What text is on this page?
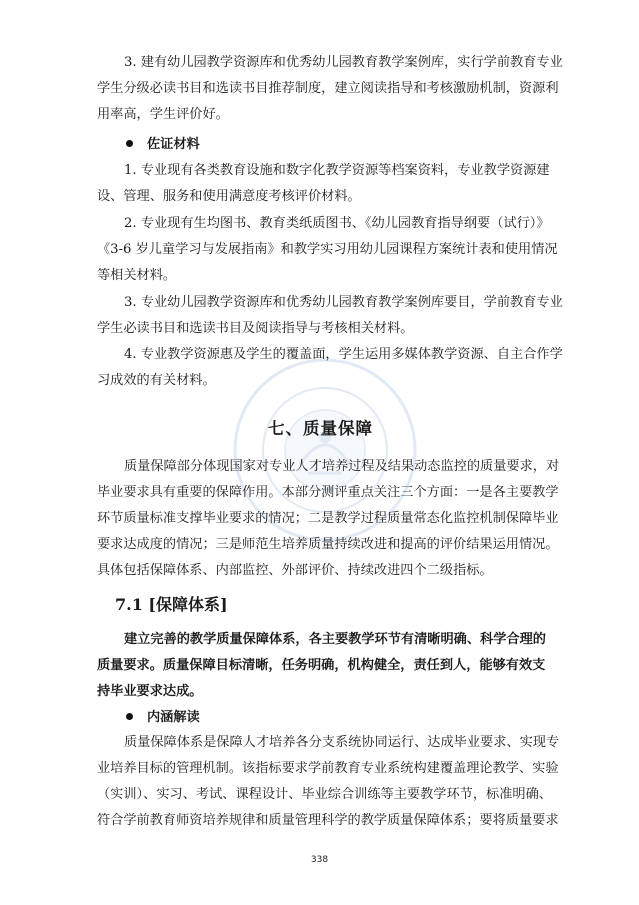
3. 建有幼儿园教学资源库和优秀幼儿园教育教学案例库，实行学前教育专业
学生分级必读书目和选读书目推荐制度，建立阅读指导和考核激励机制，资源利
用率高，学生评价好。
佐证材料
1. 专业现有各类教育设施和数字化教学资源等档案资料，专业教学资源建
设、管理、服务和使用满意度考核评价材料。
2. 专业现有生均图书、教育类纸质图书、《幼儿园教育指导纲要（试行）》
《3-6 岁儿童学习与发展指南》和教学实习用幼儿园课程方案统计表和使用情况
等相关材料。
3. 专业幼儿园教学资源库和优秀幼儿园教育教学案例库要目，学前教育专业
学生必读书目和选读书目及阅读指导与考核相关材料。
4. 专业教学资源惠及学生的覆盖面，学生运用多媒体教学资源、自主合作学
习成效的有关材料。
七、质量保障
质量保障部分体现国家对专业人才培养过程及结果动态监控的质量要求，对
毕业要求具有重要的保障作用。本部分测评重点关注三个方面：一是各主要教学
环节质量标准支撑毕业要求的情况；二是教学过程质量常态化监控机制保障毕业
要求达成度的情况；三是师范生培养质量持续改进和提高的评价结果运用情况。
具体包括保障体系、内部监控、外部评价、持续改进四个二级指标。
7.1 [保障体系]
建立完善的教学质量保障体系，各主要教学环节有清晰明确、科学合理的
质量要求。质量保障目标清晰，任务明确，机构健全，责任到人，能够有效支
持毕业要求达成。
内涵解读
质量保障体系是保障人才培养各分支系统协同运行、达成毕业要求、实现专
业培养目标的管理机制。该指标要求学前教育专业系统构建覆盖理论教学、实验
（实训）、实习、考试、课程设计、毕业综合训练等主要教学环节，标准明确、
符合学前教育师资培养规律和质量管理科学的教学质量保障体系；要将质量要求
338
